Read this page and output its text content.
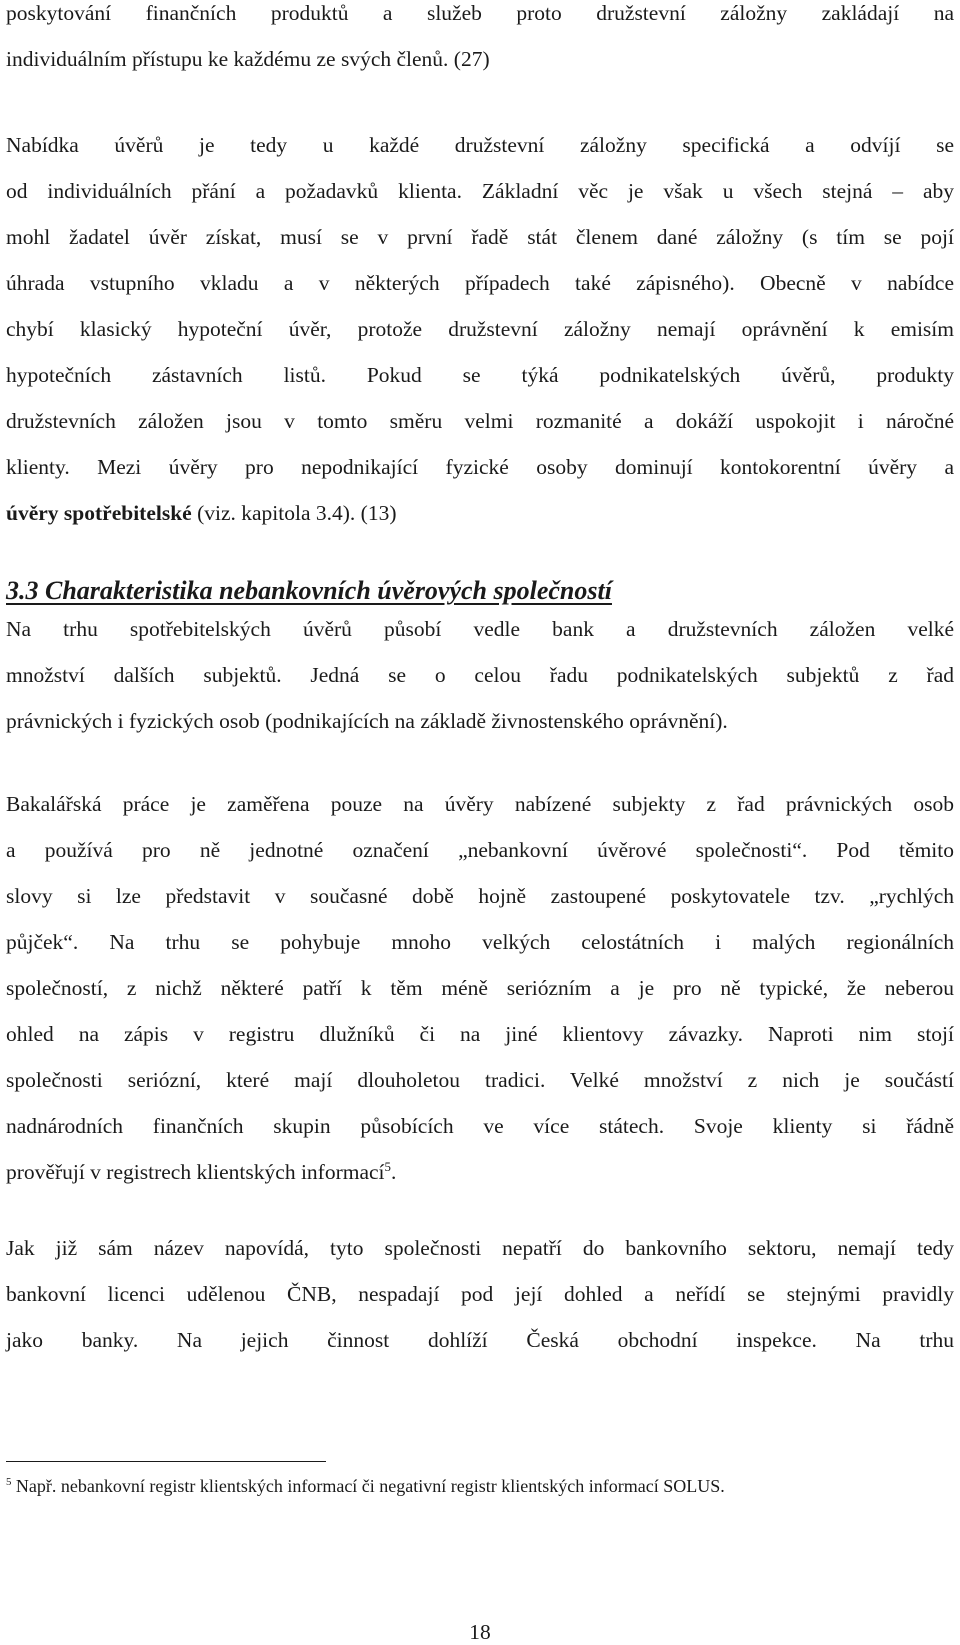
poskytování finančních produktů a služeb proto družstevní záložny zakládají na
individuálním přístupu ke každému ze svých členů. (27)
Nabídka úvěrů je tedy u každé družstevní záložny specifická a odvíjí se
od individuálních přání a požadavků klienta. Základní věc je však u všech stejná – aby
mohl žadatel úvěr získat, musí se v první řadě stát členem dané záložny (s tím se pojí
úhrada vstupního vkladu a v některých případech také zápisného). Obecně v nabídce
chybí klasický hypoteční úvěr, protože družstevní záložny nemají oprávnění k emisím
hypotečních zástavních listů. Pokud se týká podnikatelských úvěrů, produkty
družstevních záložen jsou v tomto směru velmi rozmanité a dokáží uspokojit i náročné
klienty. Mezi úvěry pro nepodnikající fyzické osoby dominují kontokorentní úvěry a
úvěry spotřebitelské (viz. kapitola 3.4). (13)
3.3 Charakteristika nebankovních úvěrových společností
Na trhu spotřebitelských úvěrů působí vedle bank a družstevních záložen velké
množství dalších subjektů. Jedná se o celou řadu podnikatelských subjektů z řad
právnických i fyzických osob (podnikajících na základě živnostenského oprávnění).
Bakalářská práce je zaměřena pouze na úvěry nabízené subjekty z řad právnických osob
a používá pro ně jednotné označení „nebankovní úvěrové společnosti“. Pod těmito
slovy si lze představit v současné době hojně zastoupené poskytovatele tzv. „rychlých
půjček“. Na trhu se pohybuje mnoho velkých celostátních i malých regionálních
společností, z nichž některé patří k těm méně seriózním a je pro ně typické, že neberou
ohled na zápis v registru dlužníků či na jiné klientovy závazky. Naproti nim stojí
společnosti seriózní, které mají dlouholetou tradici. Velké množství z nich je součástí
nadnárodních finančních skupin působících ve více státech. Svoje klienty si řádně
prověřují v registrech klientských informací$^5$.
Jak již sám název napovídá, tyto společnosti nepatří do bankovního sektoru, nemají tedy
bankovní licenci udělenou ČNB, nespadají pod její dohled a neřídí se stejnými pravidly
jako banky. Na jejich činnost dohlíží Česká obchodní inspekce. Na trhu

$^5$ Např. nebankovní registr klientských informací či negativní registr klientských informací SOLUS.

18
